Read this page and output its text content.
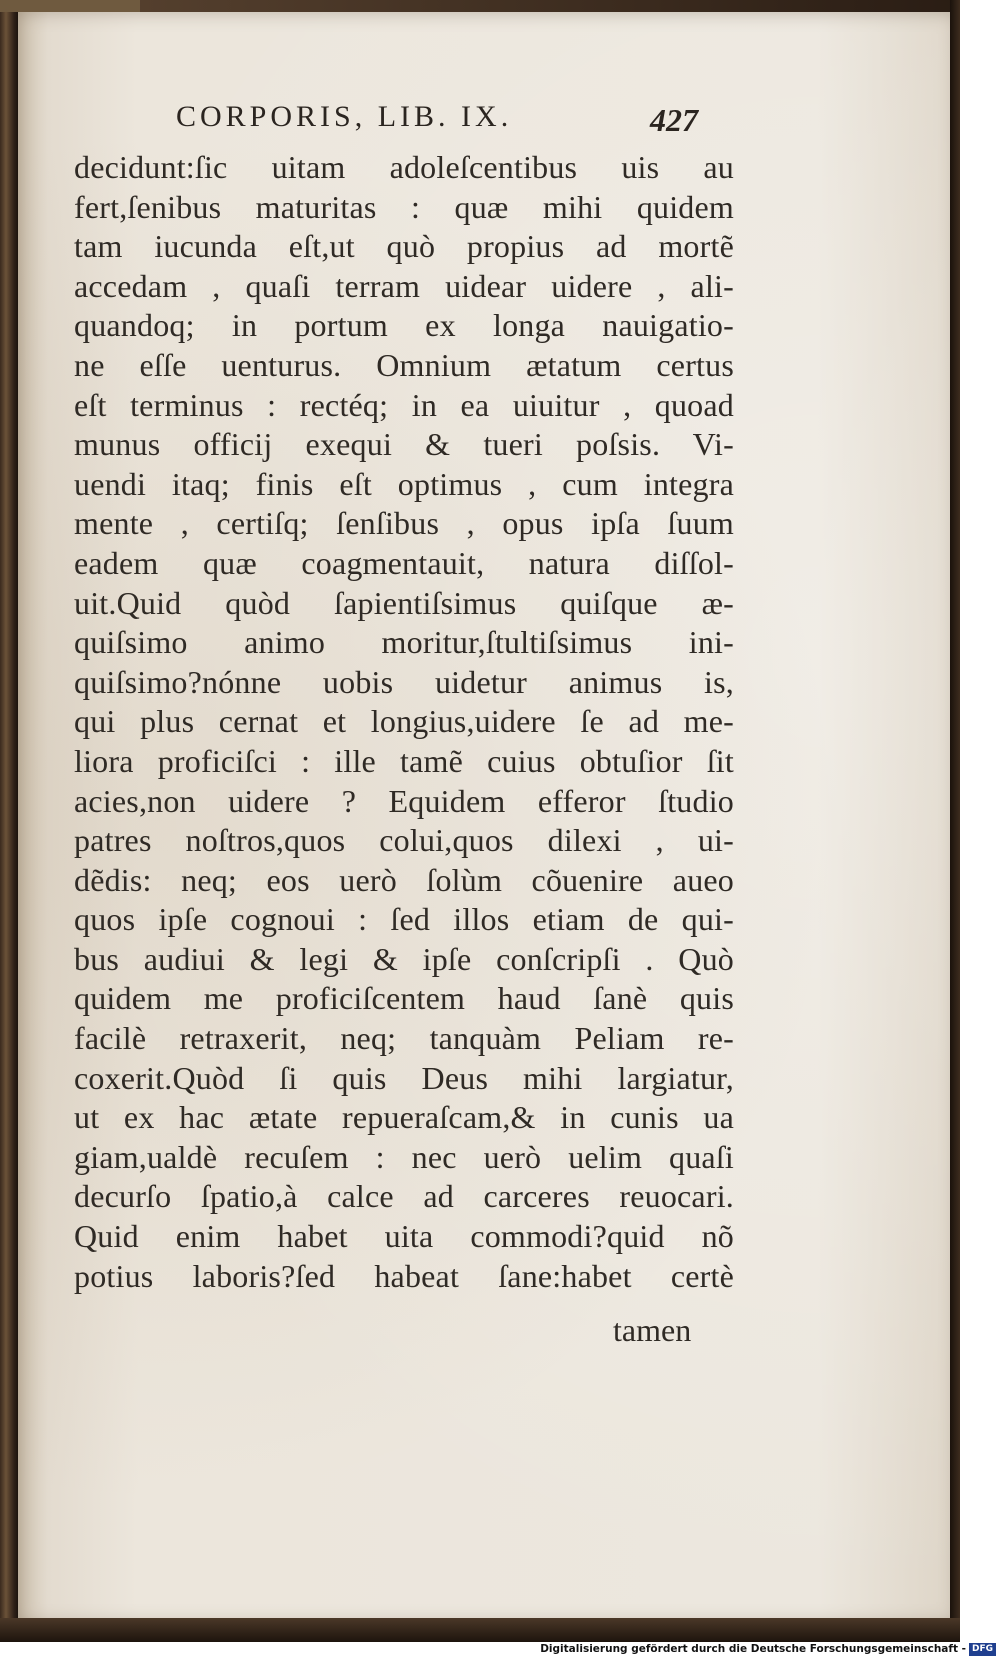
CORPORIS, LIB. IX.	427
decidunt:ſic uitam adoleſcentibus uis au
fert,ſenibus maturitas : quæ mihi quidem
tam iucunda eſt,ut quò propius ad mortẽ
accedam , quaſi terram uidear uidere , ali-
quandoq; in portum ex longa nauigatio-
ne eſſe uenturus. Omnium ætatum certus
eſt terminus : rectéq; in ea uiuitur , quoad
munus officij exequi & tueri poſsis. Vi-
uendi itaq; finis eſt optimus , cum integra
mente , certiſq; ſenſibus , opus ipſa ſuum
eadem quæ coagmentauit, natura diſſol-
uit.Quid quòd ſapientiſsimus quiſque æ-
quiſsimo animo moritur,ſtultiſsimus ini-
quiſsimo?nónne uobis uidetur animus is,
qui plus cernat et longius,uidere ſe ad me-
liora proficiſci : ille tamẽ cuius obtuſior ſit
acies,non uidere ? Equidem efferor ſtudio
patres noſtros,quos colui,quos dilexi , ui-
dẽdis: neq; eos uerò ſolùm cõuenire aueo
quos ipſe cognoui : ſed illos etiam de qui-
bus audiui & legi & ipſe conſcripſi . Quò
quidem me proficiſcentem haud ſanè quis
facilè retraxerit, neq; tanquàm Peliam re-
coxerit.Quòd ſi quis Deus mihi largiatur,
ut ex hac ætate repueraſcam,& in cunis ua
giam,ualdè recuſem : nec uerò uelim quaſi
decurſo ſpatio,à calce ad carceres reuocari.
Quid enim habet uita commodi?quid nõ
potius laboris?ſed habeat ſane:habet certè
tamen
Digitalisierung gefördert durch die Deutsche Forschungsgemeinschaft - DFG
